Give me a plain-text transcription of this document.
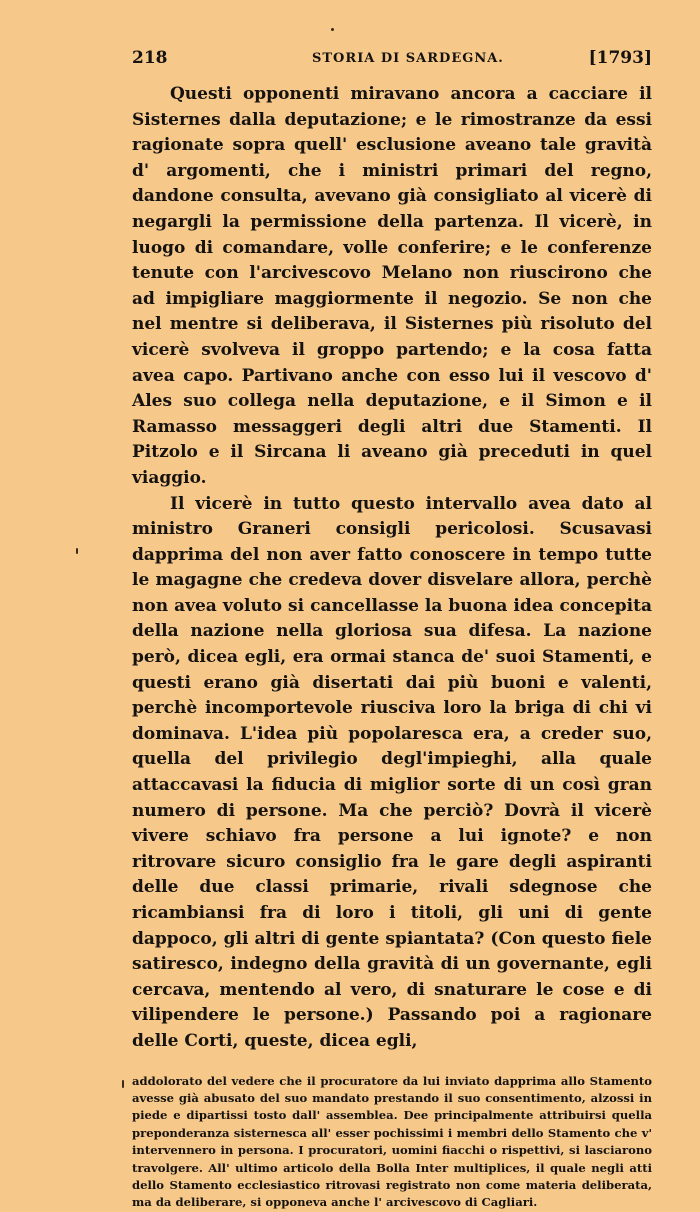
218	STORIA DI SARDEGNA.	[1793]

Questi opponenti miravano ancora a cacciare il Sisternes dalla deputazione; e le rimostranze da essi ragionate sopra quell' esclusione aveano tale gravità d' argomenti, che i ministri primari del regno, dandone consulta, avevano già consigliato al vicerè di negargli la permissione della partenza. Il vicerè, in luogo di comandare, volle conferire; e le conferenze tenute con l'arcivescovo Melano non riuscirono che ad impigliare maggiormente il negozio. Se non che nel mentre si deliberava, il Sisternes più risoluto del vicerè svolveva il groppo partendo; e la cosa fatta avea capo. Partivano anche con esso lui il vescovo d' Ales suo collega nella deputazione, e il Simon e il Ramasso messaggeri degli altri due Stamenti. Il Pitzolo e il Sircana li aveano già preceduti in quel viaggio.

Il vicerè in tutto questo intervallo avea dato al ministro Graneri consigli pericolosi. Scusavasi dapprima del non aver fatto conoscere in tempo tutte le magagne che credeva dover disvelare allora, perchè non avea voluto si cancellasse la buona idea concepita della nazione nella gloriosa sua difesa. La nazione però, dicea egli, era ormai stanca de' suoi Stamenti, e questi erano già disertati dai più buoni e valenti, perchè incomportevole riusciva loro la briga di chi vi dominava. L'idea più popolaresca era, a creder suo, quella del privilegio degl'impieghi, alla quale attaccavasi la fiducia di miglior sorte di un così gran numero di persone. Ma che perciò? Dovrà il vicerè vivere schiavo fra persone a lui ignote? e non ritrovare sicuro consiglio fra le gare degli aspiranti delle due classi primarie, rivali sdegnose che ricambiansi fra di loro i titoli, gli uni di gente dappoco, gli altri di gente spiantata? (Con questo fiele satiresco, indegno della gravità di un governante, egli cercava, mentendo al vero, di snaturare le cose e di vilipendere le persone.) Passando poi a ragionare delle Corti, queste, dicea egli,

addolorato del vedere che il procuratore da lui inviato dapprima allo Stamento avesse già abusato del suo mandato prestando il suo consentimento, alzossi in piede e dipartissi tosto dall' assemblea. Dee principalmente attribuirsi quella preponderanza sisternesca all' esser pochissimi i membri dello Stamento che v' intervennero in persona. I procuratori, uomini fiacchi o rispettivi, si lasciarono travolgere. All' ultimo articolo della Bolla Inter multiplices, il quale negli atti dello Stamento ecclesiastico ritrovasi registrato non come materia deliberata, ma da deliberare, si opponeva anche l' arcivescovo di Cagliari.
